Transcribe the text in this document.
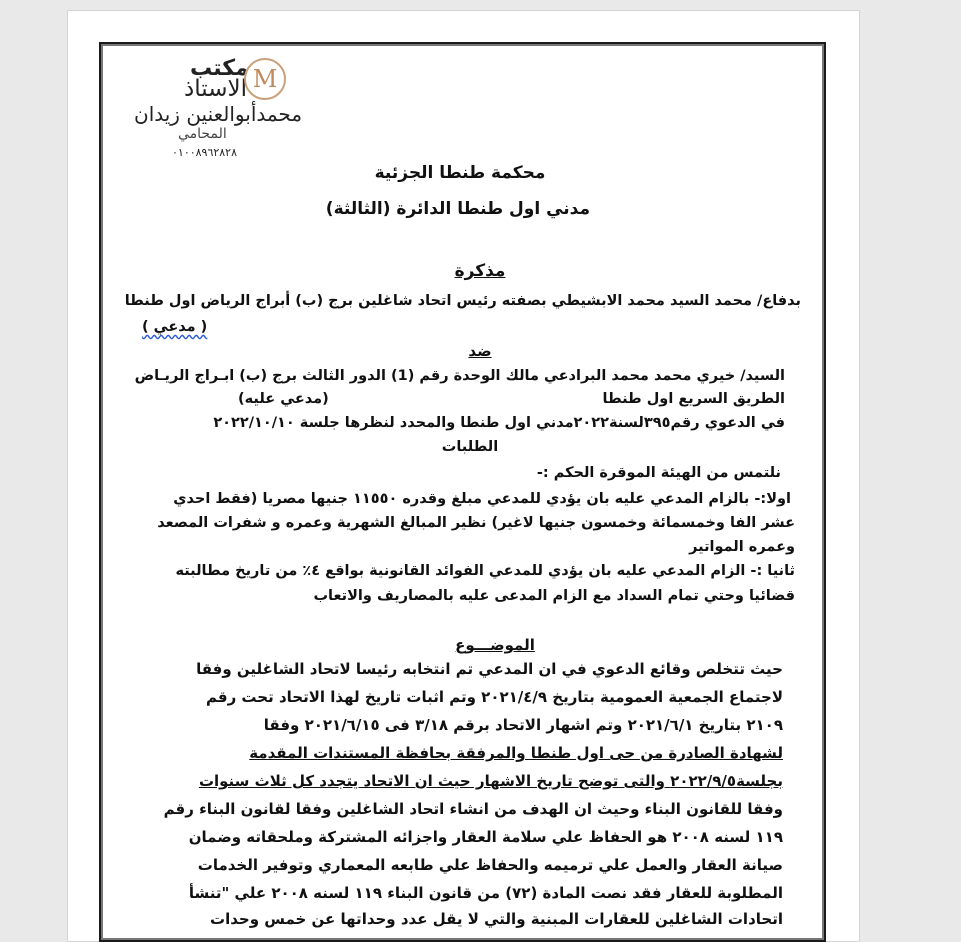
مكتب
الاستاذ M
محمدأبوالعنين زيدان
المحامي
٠١٠٠٨٩٦٢٨٢٨
محكمة طنطا الجزئية
مدني اول طنطا الدائرة (الثالثة)
مذكرة
بدفاع/ محمد السيد محمد الابشيطي بصفته رئيس اتحاد شاغلين برج (ب) أبراج الرياض اول طنطا
( مدعي )
ضد
السيد/ خيري محمد محمد البرادعي مالك الوحدة رقم (1) الدور الثالث برج (ب) ابـراج الريـاض
الطريق السريع اول طنطا
(مدعي عليه)
في الدعوي رقم٣٩٥لسنة٢٠٢٢مدني اول طنطا والمحدد لنظرها جلسة ٢٠٢٢/١٠/١٠
الطلبات
نلتمس من الهيئة الموقرة الحكم :-
اولا:- بالزام المدعي عليه بان يؤدي للمدعي مبلغ وقدره ١١٥٥٠ جنيها مصريا (فقط احدي
عشر الفا وخمسمائة وخمسون جنيها لاغير) نظير المبالغ الشهرية وعمره و شفرات المصعد
وعمره المواتير
ثانيا :- الزام المدعي عليه بان يؤدي للمدعي الفوائد القانونية بواقع ٤٪ من تاريخ مطالبته
قضائيا وحتي تمام السداد مع الزام المدعى عليه بالمصاريف والاتعاب
الموضـــوع
حيث تتخلص وقائع الدعوي في ان المدعي تم انتخابه رئيسا لاتحاد الشاغلين وفقا
لاجتماع الجمعية العمومية بتاريخ ٢٠٢١/٤/٩ وتم اثبات تاريخ لهذا الاتحاد تحت رقم
٢١٠٩ بتاريخ ٢٠٢١/٦/١ وتم اشهار الاتحاد برقم ٣/١٨ فى ٢٠٢١/٦/١٥ وفقا
لشهادة الصادرة من حى اول طنطا والمرفقة بحافظة المستندات المقدمة
بجلسة٢٠٢٢/٩/٥ والتى توضح تاريخ الاشهار حيث ان الاتحاد يتجدد كل ثلاث سنوات
وفقا للقانون البناء وحيث ان الهدف من انشاء اتحاد الشاغلين وفقا لقانون البناء رقم
١١٩ لسنه ٢٠٠٨ هو الحفاظ علي سلامة العقار واجزائه المشتركة وملحقاته وضمان
صيانة العقار والعمل علي ترميمه والحفاظ علي طابعه المعماري وتوفير الخدمات
المطلوبة للعقار فقد نصت المادة (٧٢) من قانون البناء ١١٩ لسنه ٢٠٠٨ علي "تنشأ
اتحادات الشاغلين للعقارات المبنية والتي لا يقل عدد وحداتها عن خمس وحدات
